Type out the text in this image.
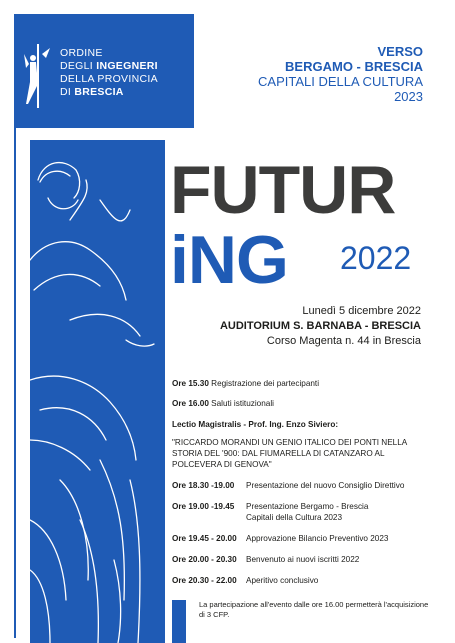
ORDINE
DEGLI INGEGNERI
DELLA PROVINCIA
DI BRESCIA
VERSO
BERGAMO - BRESCIA
CAPITALI DELLA CULTURA
2023
FUTUR
iNG 2022
Lunedì 5 dicembre 2022
AUDITORIUM S. BARNABA - BRESCIA
Corso Magenta n. 44 in Brescia
Ore 15.30 Registrazione dei partecipanti
Ore 16.00 Saluti istituzionali
Lectio Magistralis - Prof. Ing. Enzo Siviero:
"RICCARDO MORANDI UN GENIO ITALICO DEI PONTI NELLA STORIA DEL '900: DAL FIUMARELLA DI CATANZARO AL POLCEVERA DI GENOVA"
Ore 18.30 -19.00	Presentazione del nuovo Consiglio Direttivo
Ore 19.00 -19.45	Presentazione Bergamo - Brescia Capitali della Cultura 2023
Ore 19.45 - 20.00	Approvazione Bilancio Preventivo 2023
Ore 20.00 - 20.30	Benvenuto ai nuovi iscritti 2022
Ore 20.30 - 22.00	Aperitivo conclusivo
La partecipazione all'evento dalle ore 16.00 permetterà l'acquisizione di 3 CFP.
